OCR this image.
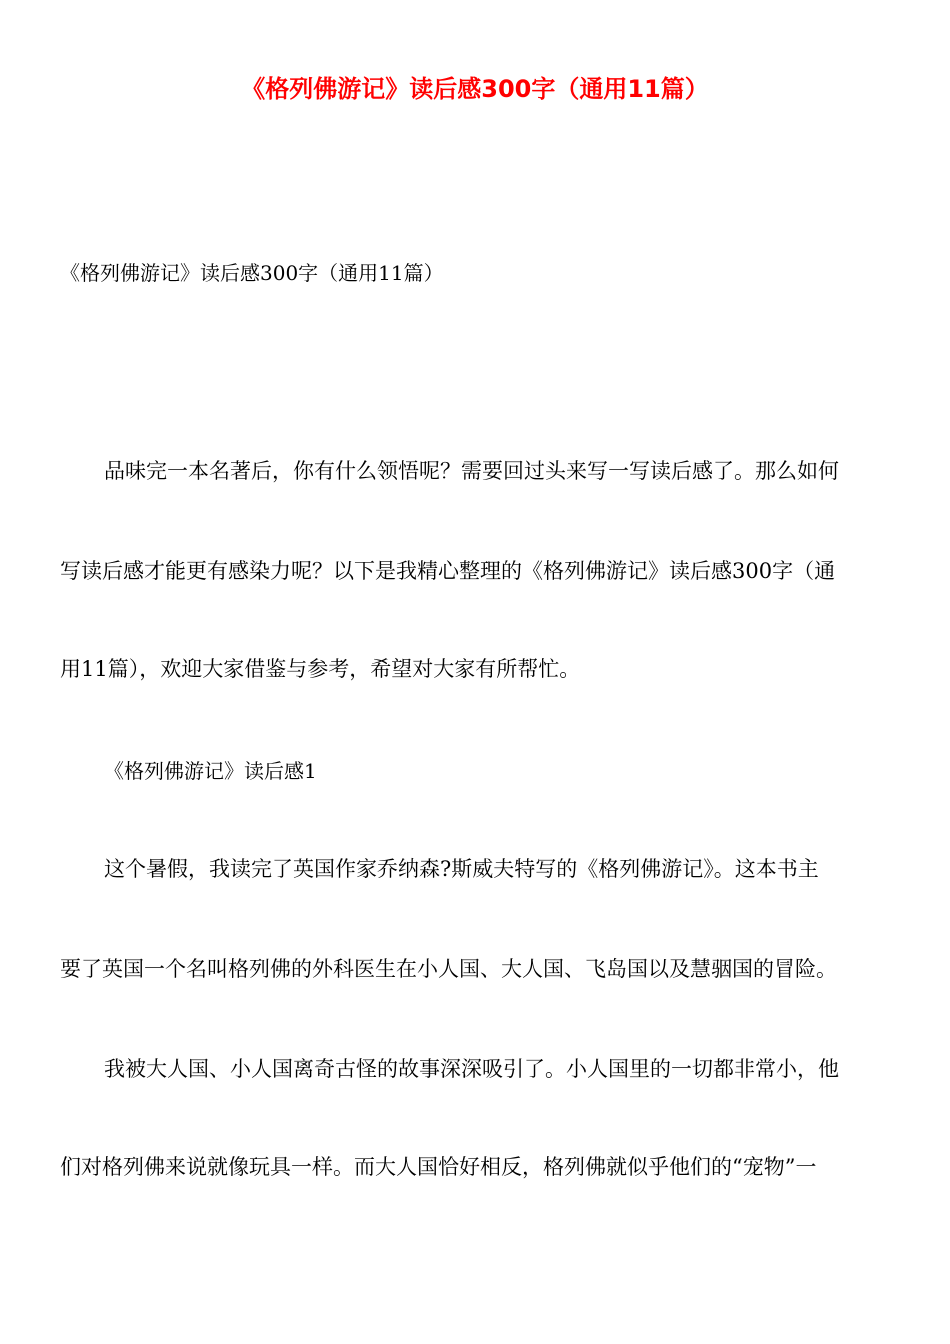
《格列佛游记》读后感300字（通用11篇）

《格列佛游记》读后感300字（通用11篇）

品味完一本名著后，你有什么领悟呢？需要回过头来写一写读后感了。那么如何
写读后感才能更有感染力呢？以下是我精心整理的《格列佛游记》读后感300字（通
用11篇），欢迎大家借鉴与参考，希望对大家有所帮忙。
《格列佛游记》读后感1
这个暑假，我读完了英国作家乔纳森?斯威夫特写的《格列佛游记》。这本书主
要了英国一个名叫格列佛的外科医生在小人国、大人国、飞岛国以及慧骃国的冒险。
我被大人国、小人国离奇古怪的故事深深吸引了。小人国里的一切都非常小，他
们对格列佛来说就像玩具一样。而大人国恰好相反，格列佛就似乎他们的“宠物”一
